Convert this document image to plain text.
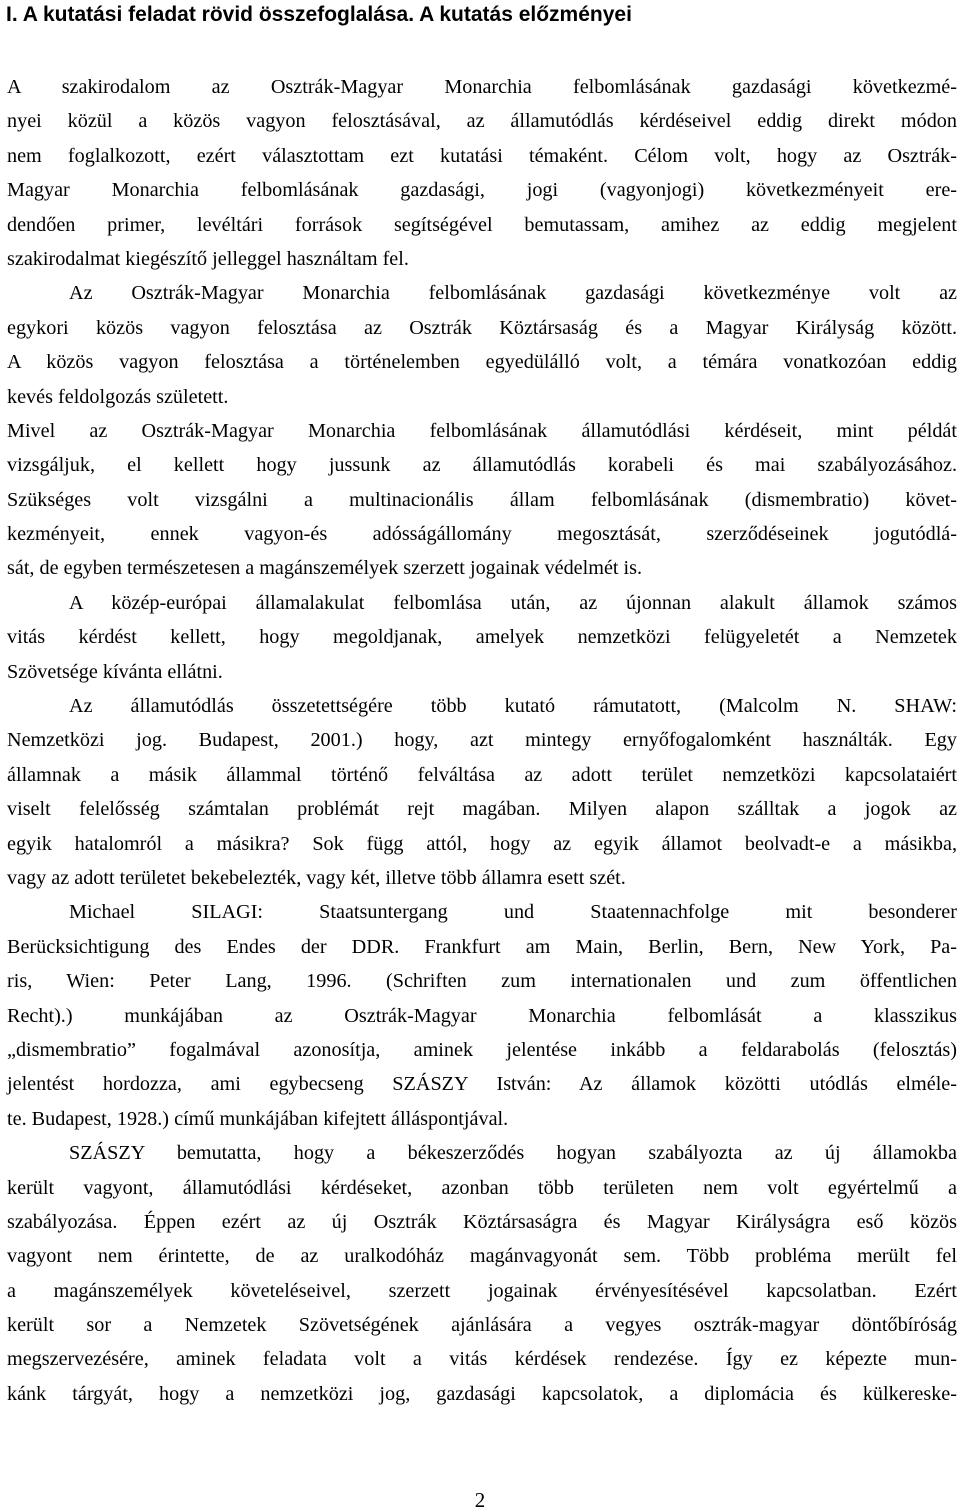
I. A kutatási feladat rövid összefoglalása. A kutatás előzményei
A szakirodalom az Osztrák-Magyar Monarchia felbomlásának gazdasági következmé-
nyei közül a közös vagyon felosztásával, az államutódlás kérdéseivel eddig direkt módon
nem foglalkozott, ezért választottam ezt kutatási témaként. Célom volt, hogy az Osztrák-
Magyar Monarchia felbomlásának gazdasági, jogi (vagyonjogi) következményeit ere-
dendően primer, levéltári források segítségével bemutassam, amihez az eddig megjelent
szakirodalmat kiegészítő jelleggel használtam fel.
Az Osztrák-Magyar Monarchia felbomlásának gazdasági következménye volt az
egykori közös vagyon felosztása az Osztrák Köztársaság és a Magyar Királyság között.
A közös vagyon felosztása a történelemben egyedülálló volt, a témára vonatkozóan eddig
kevés feldolgozás született.
Mivel az Osztrák-Magyar Monarchia felbomlásának államutódlási kérdéseit, mint példát
vizsgáljuk, el kellett hogy jussunk az államutódlás korabeli és mai szabályozásához.
Szükséges volt vizsgálni a multinacionális állam felbomlásának (dismembratio) követ-
kezményeit, ennek vagyon-és adósságállomány megosztását, szerződéseinek jogutódlá-
sát, de egyben természetesen a magánszemélyek szerzett jogainak védelmét is.
A közép-európai államalakulat felbomlása után, az újonnan alakult államok számos
vitás kérdést kellett, hogy megoldjanak, amelyek nemzetközi felügyeletét a Nemzetek
Szövetsége kívánta ellátni.
Az államutódlás összetettségére több kutató rámutatott, (Malcolm N. SHAW:
Nemzetközi jog. Budapest, 2001.) hogy, azt mintegy ernyőfogalomként használták. Egy
államnak a másik állammal történő felváltása az adott terület nemzetközi kapcsolataiért
viselt felelősség számtalan problémát rejt magában. Milyen alapon szálltak a jogok az
egyik hatalomról a másikra? Sok függ attól, hogy az egyik államot beolvadt-e a másikba,
vagy az adott területet bekebelezték, vagy két, illetve több államra esett szét.
Michael SILAGI: Staatsuntergang und Staatennachfolge mit besonderer
Berücksichtigung des Endes der DDR. Frankfurt am Main, Berlin, Bern, New York, Pa-
ris, Wien: Peter Lang, 1996. (Schriften zum internationalen und zum öffentlichen
Recht).) munkájában az Osztrák-Magyar Monarchia felbomlását a klasszikus
„dismembratio” fogalmával azonosítja, aminek jelentése inkább a feldarabolás (felosztás)
jelentést hordozza, ami egybecseng SZÁSZY István: Az államok közötti utódlás elméle-
te. Budapest, 1928.) című munkájában kifejtett álláspontjával.
SZÁSZY bemutatta, hogy a békeszerződés hogyan szabályozta az új államokba
került vagyont, államutódlási kérdéseket, azonban több területen nem volt egyértelmű a
szabályozása. Éppen ezért az új Osztrák Köztársaságra és Magyar Királyságra eső közös
vagyont nem érintette, de az uralkodóház magánvagyonát sem. Több probléma merült fel
a magánszemélyek követeléseivel, szerzett jogainak érvényesítésével kapcsolatban. Ezért
került sor a Nemzetek Szövetségének ajánlására a vegyes osztrák-magyar döntőbíróság
megszervezésére, aminek feladata volt a vitás kérdések rendezése. Így ez képezte mun-
kánk tárgyát, hogy a nemzetközi jog, gazdasági kapcsolatok, a diplomácia és külkereske-
2
